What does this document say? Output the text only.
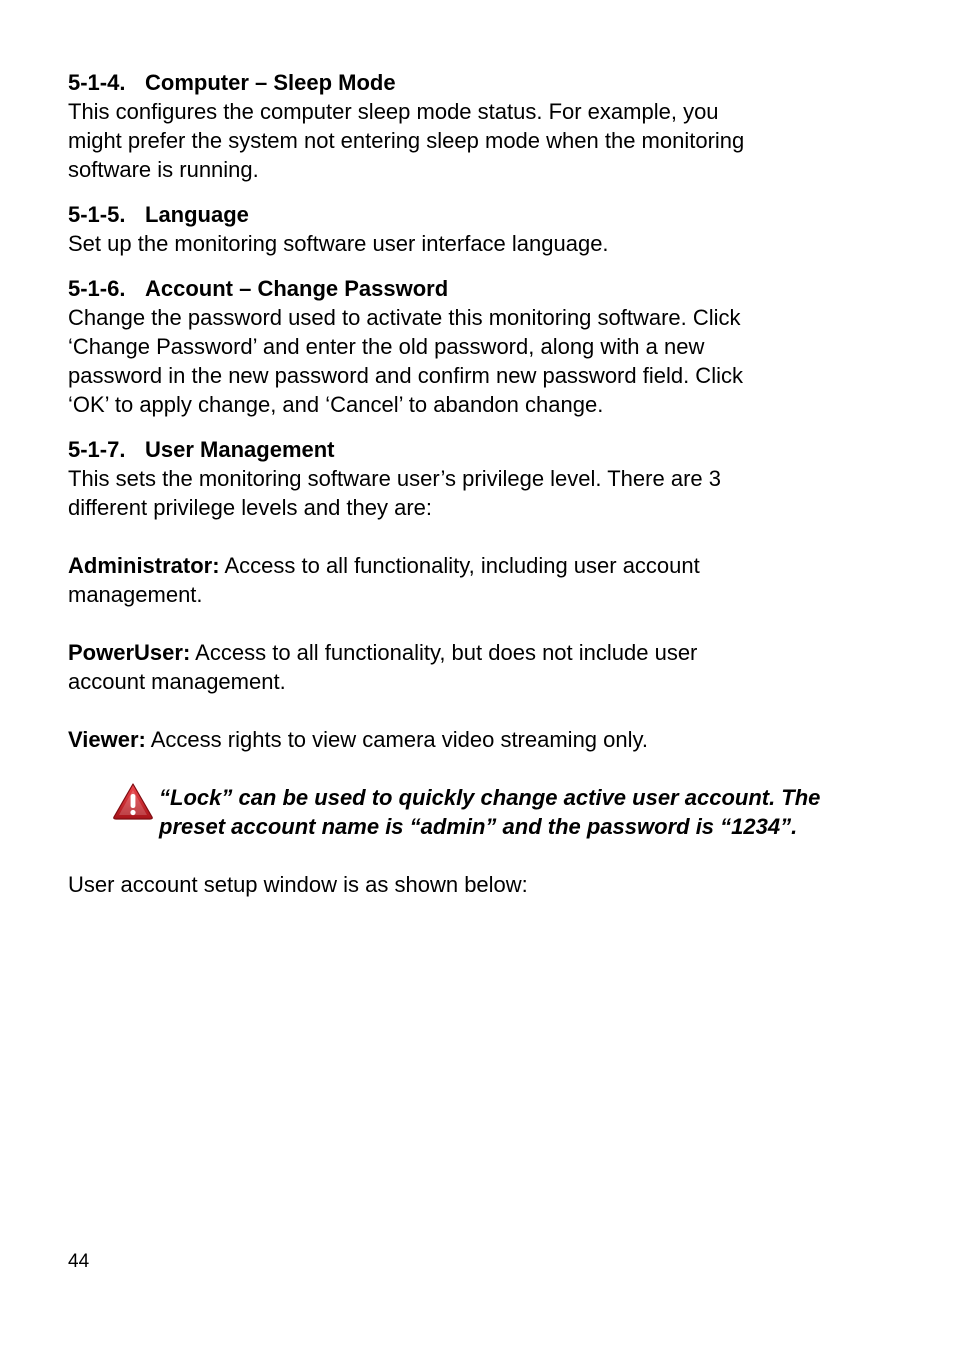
5-1-4. Computer – Sleep Mode

This configures the computer sleep mode status. For example, you

might prefer the system not entering sleep mode when the monitoring

software is running.

5-1-5. Language

Set up the monitoring software user interface language.

5-1-6. Account – Change Password

Change the password used to activate this monitoring software. Click

‘Change Password’ and enter the old password, along with a new

password in the new password and confirm new password field. Click

‘OK’ to apply change, and ‘Cancel’ to abandon change.

5-1-7. User Management

This sets the monitoring software user’s privilege level. There are 3

different privilege levels and they are:

Administrator: Access to all functionality, including user account

management.

PowerUser: Access to all functionality, but does not include user

account management.

Viewer: Access rights to view camera video streaming only.

“Lock” can be used to quickly change active user account. The

preset account name is “admin” and the password is “1234”.

User account setup window is as shown below:

44
